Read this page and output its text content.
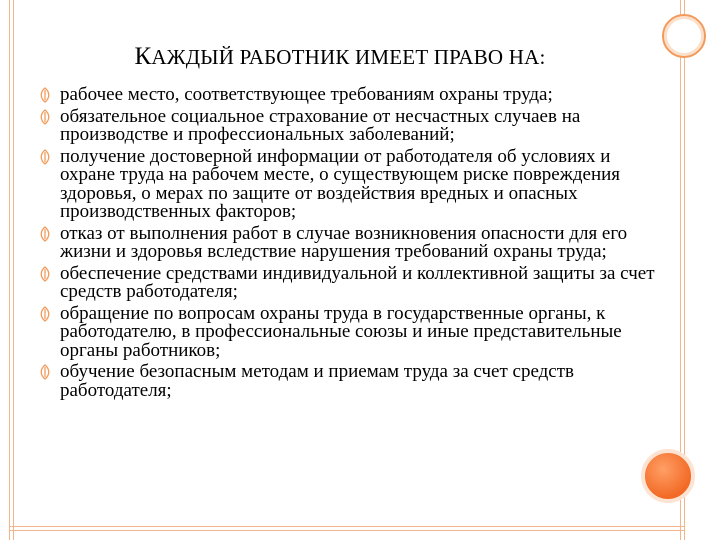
КАЖДЫЙ РАБОТНИК ИМЕЕТ ПРАВО НА:
рабочее место, соответствующее требованиям охраны труда;
обязательное социальное страхование от несчастных случаев на производстве и профессиональных заболеваний;
получение достоверной информации от работодателя об условиях и охране труда на рабочем месте, о существующем риске повреждения здоровья, о мерах по защите от воздействия вредных и опасных производственных факторов;
отказ от выполнения работ в случае возникновения опасности для его жизни и здоровья вследствие нарушения требований охраны труда;
обеспечение средствами индивидуальной и коллективной защиты за счет средств работодателя;
обращение по вопросам охраны труда в государственные органы, к работодателю, в профессиональные союзы и иные представительные органы работников;
обучение безопасным методам и приемам труда за счет средств работодателя;
